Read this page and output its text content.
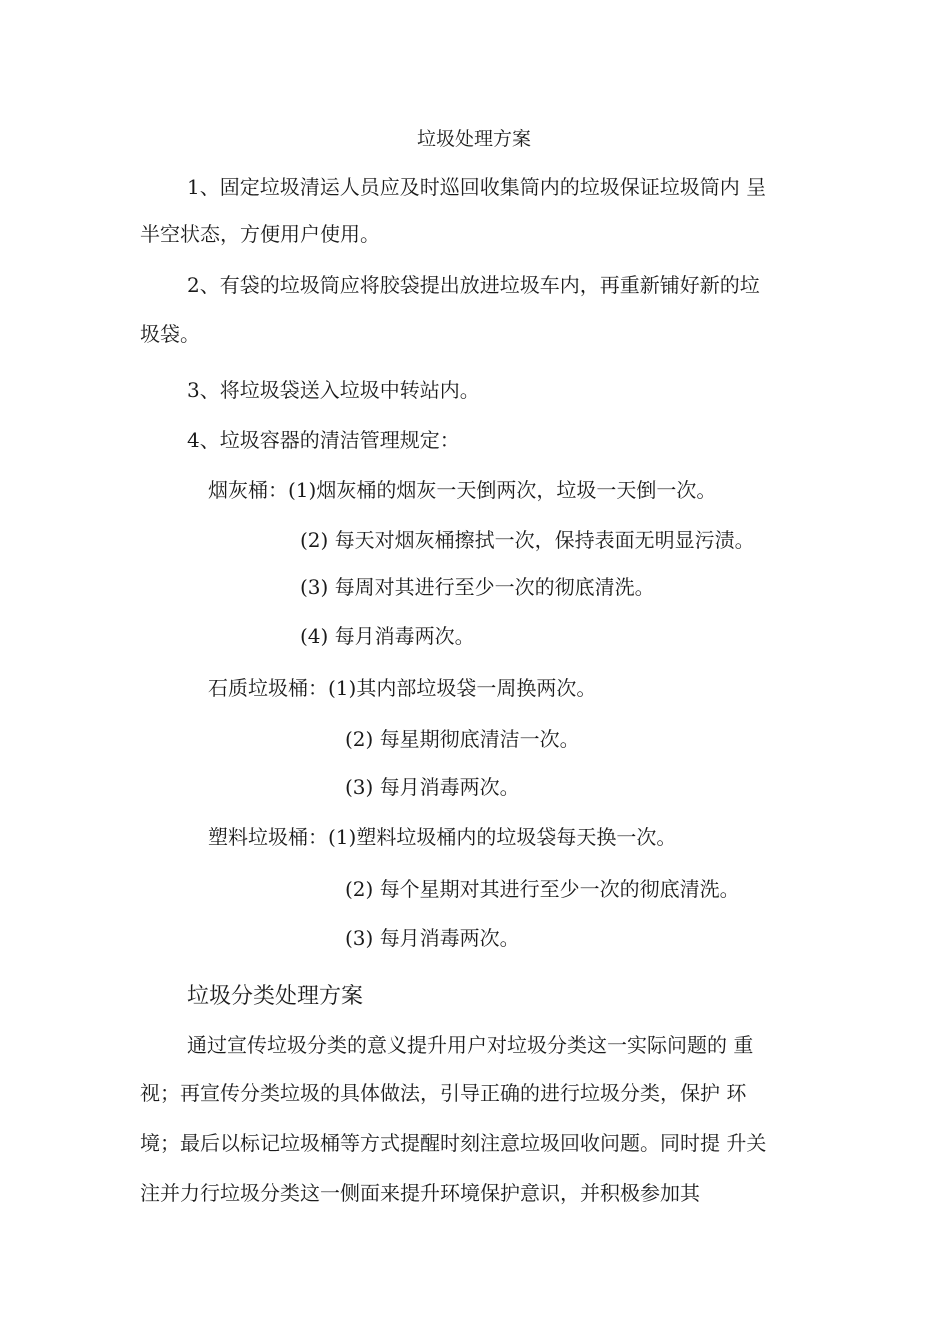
垃圾处理方案
1、固定垃圾清运人员应及时巡回收集筒内的垃圾保证垃圾筒内 呈
半空状态，方便用户使用。
2、有袋的垃圾筒应将胶袋提出放进垃圾车内，再重新铺好新的垃
圾袋。
3、将垃圾袋送入垃圾中转站内。
4、垃圾容器的清洁管理规定：
烟灰桶：(1)烟灰桶的烟灰一天倒两次，垃圾一天倒一次。
(2) 每天对烟灰桶擦拭一次，保持表面无明显污渍。
(3) 每周对其进行至少一次的彻底清洗。
(4) 每月消毒两次。
石质垃圾桶：(1)其内部垃圾袋一周换两次。
(2) 每星期彻底清洁一次。
(3) 每月消毒两次。
塑料垃圾桶：(1)塑料垃圾桶内的垃圾袋每天换一次。
(2) 每个星期对其进行至少一次的彻底清洗。
(3) 每月消毒两次。
垃圾分类处理方案
通过宣传垃圾分类的意义提升用户对垃圾分类这一实际问题的 重
视；再宣传分类垃圾的具体做法，引导正确的进行垃圾分类，保护 环
境；最后以标记垃圾桶等方式提醒时刻注意垃圾回收问题。同时提 升关
注并力行垃圾分类这一侧面来提升环境保护意识，并积极参加其
